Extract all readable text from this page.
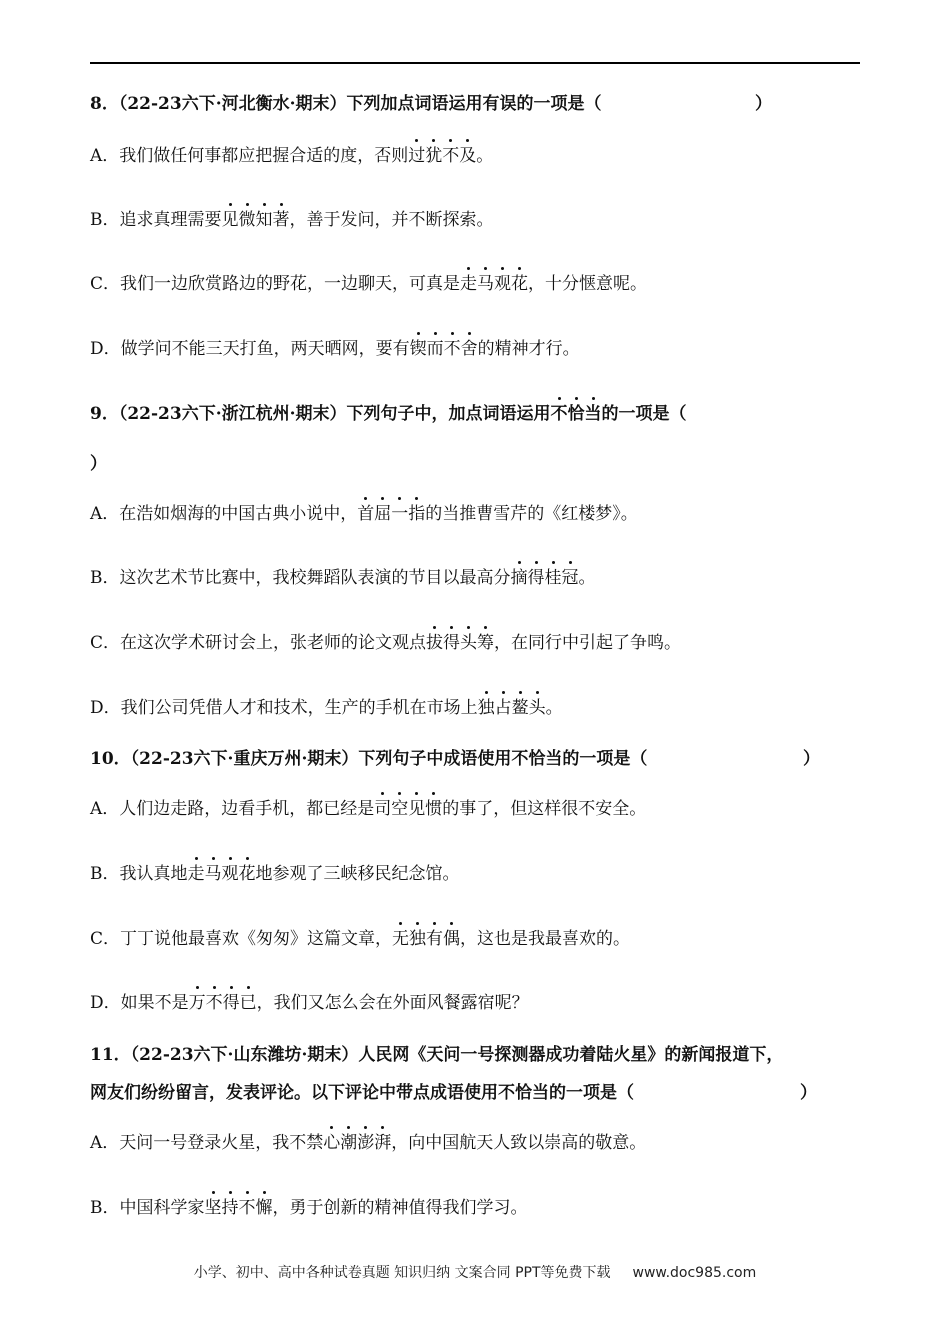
8．（22-23六下·河北衡水·期末）下列加点词语运用有误的一项是（	）
A．我们做任何事都应把握合适的度，否则过犹不及。
B．追求真理需要见微知著，善于发问，并不断探索。
C．我们一边欣赏路边的野花，一边聊天，可真是走马观花，十分惬意呢。
D．做学问不能三天打鱼，两天晒网，要有锲而不舍的精神才行。
9．（22-23六下·浙江杭州·期末）下列句子中，加点词语运用不恰当的一项是（
）
A．在浩如烟海的中国古典小说中，首屈一指的当推曹雪芹的《红楼梦》。
B．这次艺术节比赛中，我校舞蹈队表演的节目以最高分摘得桂冠。
C．在这次学术研讨会上，张老师的论文观点拔得头筹，在同行中引起了争鸣。
D．我们公司凭借人才和技术，生产的手机在市场上独占鳌头。
10．（22-23六下·重庆万州·期末）下列句子中成语使用不恰当的一项是（	）
A．人们边走路，边看手机，都已经是司空见惯的事了，但这样很不安全。
B．我认真地走马观花地参观了三峡移民纪念馆。
C．丁丁说他最喜欢《匆匆》这篇文章，无独有偶，这也是我最喜欢的。
D．如果不是万不得已，我们又怎么会在外面风餐露宿呢？
11．（22-23六下·山东潍坊·期末）人民网《天问一号探测器成功着陆火星》的新闻报道下，
网友们纷纷留言，发表评论。以下评论中带点成语使用不恰当的一项是（	）
A．天问一号登录火星，我不禁心潮澎湃，向中国航天人致以崇高的敬意。
B．中国科学家坚持不懈，勇于创新的精神值得我们学习。
小学、初中、高中各种试卷真题 知识归纳 文案合同 PPT等免费下载 www.doc985.com
